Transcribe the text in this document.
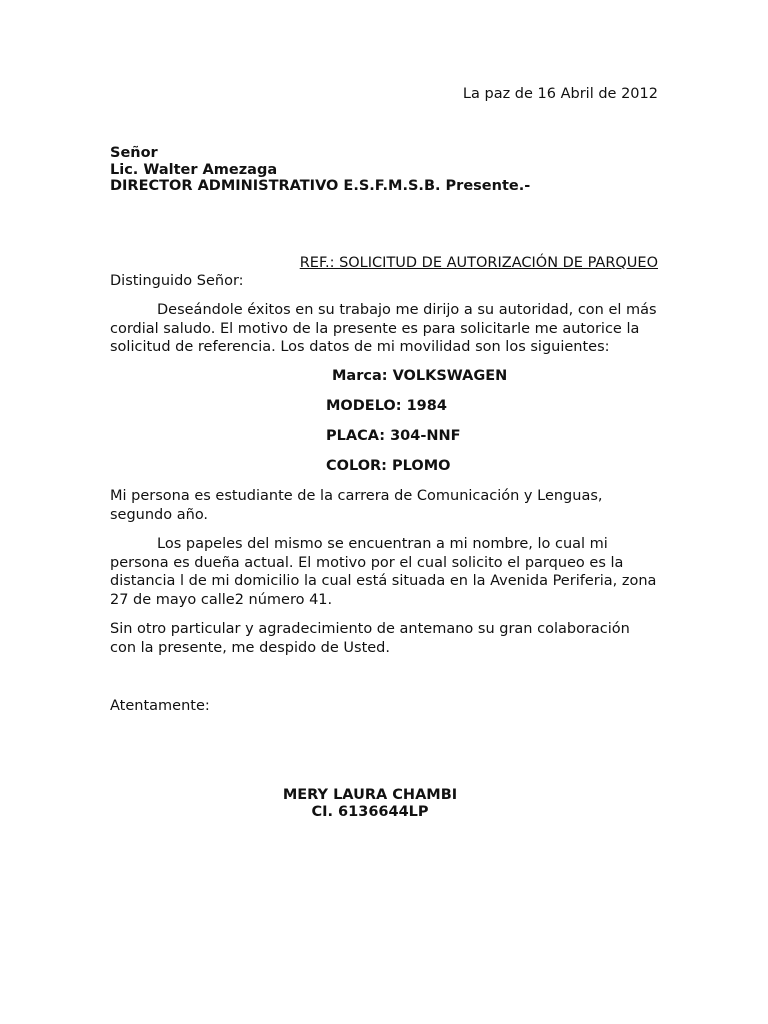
La paz de 16 Abril de 2012
Señor
Lic. Walter Amezaga
DIRECTOR ADMINISTRATIVO E.S.F.M.S.B. Presente.-
REF.: SOLICITUD DE AUTORIZACIÓN DE PARQUEO
Distinguido Señor:
Deseándole éxitos en su trabajo me dirijo a su autoridad, con el más cordial saludo. El motivo de la presente es para solicitarle me autorice la solicitud de referencia. Los datos de mi movilidad son los siguientes:
Marca: VOLKSWAGEN
MODELO: 1984
PLACA: 304-NNF
COLOR: PLOMO
Mi persona es estudiante de la carrera de Comunicación y Lenguas, segundo año.
Los papeles del mismo se encuentran a mi nombre, lo cual mi persona es dueña actual. El motivo por el cual solicito el parqueo es la distancia l de mi domicilio la cual está situada en la Avenida Periferia, zona 27 de mayo calle2 número 41.
Sin otro particular y agradecimiento de antemano su gran colaboración con la presente, me despido de Usted.
Atentamente:
MERY LAURA CHAMBI
CI. 6136644LP
